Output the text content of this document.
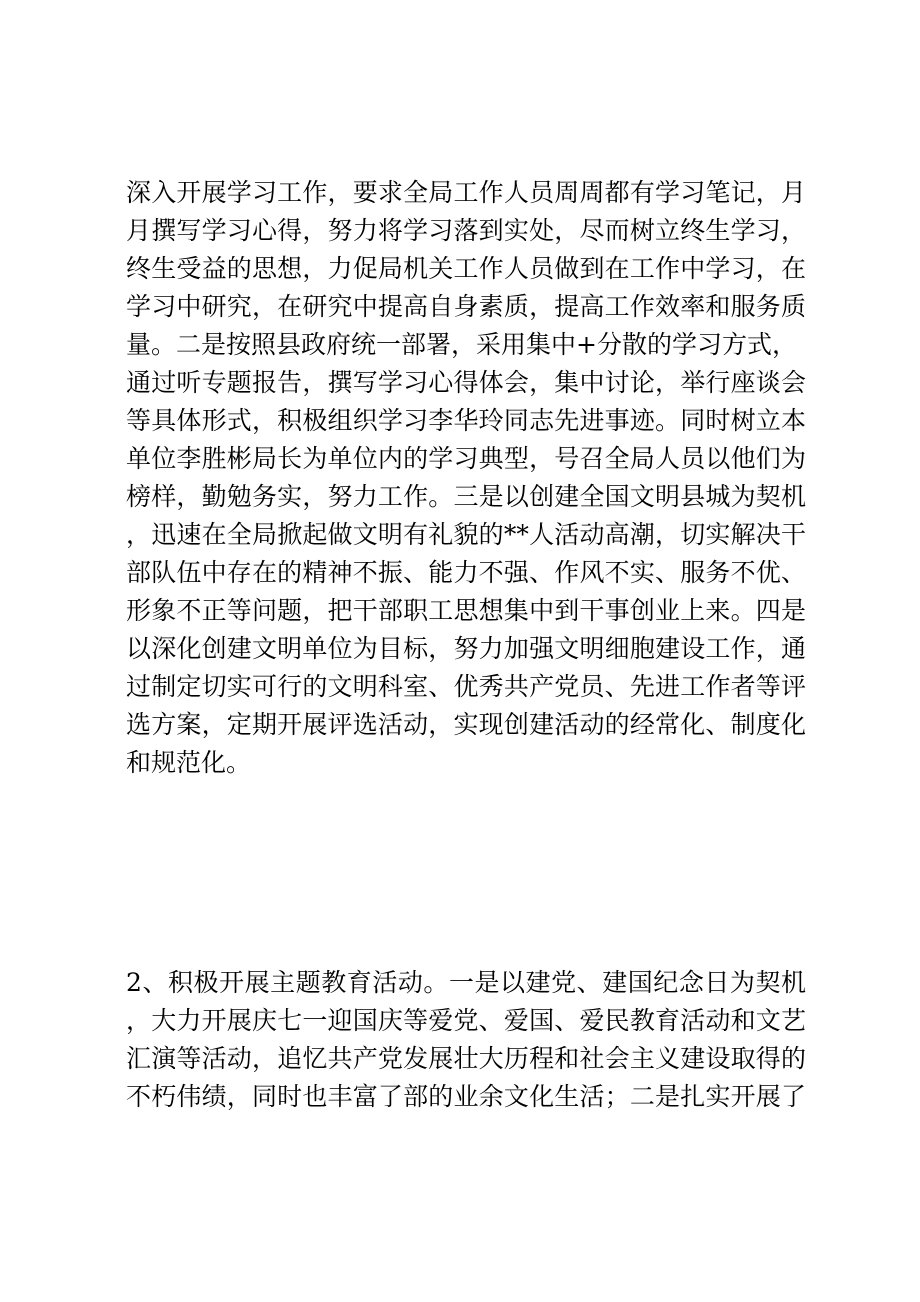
深入开展学习工作，要求全局工作人员周周都有学习笔记，月
月撰写学习心得，努力将学习落到实处，尽而树立终生学习，
终生受益的思想，力促局机关工作人员做到在工作中学习，在
学习中研究，在研究中提高自身素质，提高工作效率和服务质
量。二是按照县政府统一部署，采用集中+分散的学习方式，
通过听专题报告，撰写学习心得体会，集中讨论，举行座谈会
等具体形式，积极组织学习李华玲同志先进事迹。同时树立本
单位李胜彬局长为单位内的学习典型，号召全局人员以他们为
榜样，勤勉务实，努力工作。三是以创建全国文明县城为契机
，迅速在全局掀起做文明有礼貌的**人活动高潮，切实解决干
部队伍中存在的精神不振、能力不强、作风不实、服务不优、
形象不正等问题，把干部职工思想集中到干事创业上来。四是
以深化创建文明单位为目标，努力加强文明细胞建设工作，通
过制定切实可行的文明科室、优秀共产党员、先进工作者等评
选方案，定期开展评选活动，实现创建活动的经常化、制度化
和规范化。
2、积极开展主题教育活动。一是以建党、建国纪念日为契机
，大力开展庆七一迎国庆等爱党、爱国、爱民教育活动和文艺
汇演等活动，追忆共产党发展壮大历程和社会主义建设取得的
不朽伟绩，同时也丰富了部的业余文化生活；二是扎实开展了
